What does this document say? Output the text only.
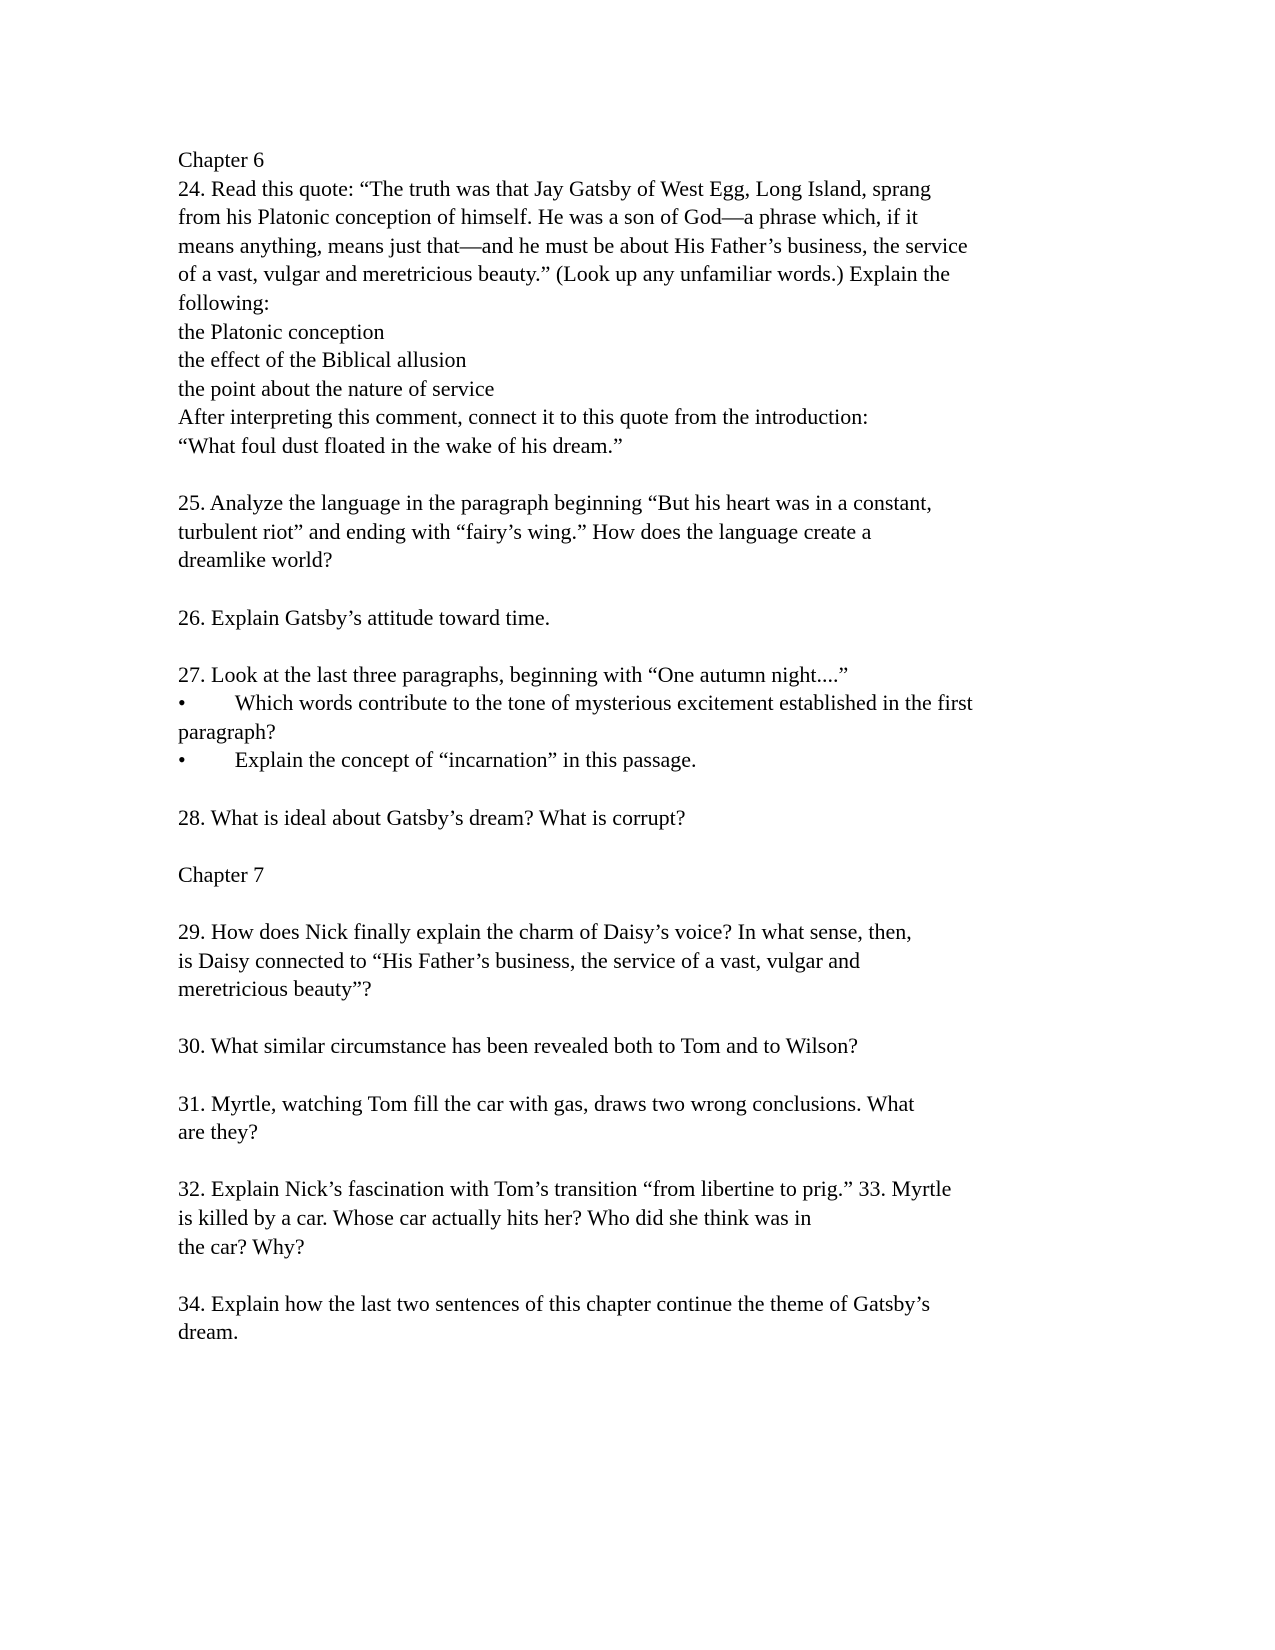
Chapter 6
24. Read this quote: “The truth was that Jay Gatsby of West Egg, Long Island, sprang
from his Platonic conception of himself. He was a son of God—a phrase which, if it
means anything, means just that—and he must be about His Father’s business, the service
of a vast, vulgar and meretricious beauty.” (Look up any unfamiliar words.) Explain the
following:
the Platonic conception
the effect of the Biblical allusion
the point about the nature of service
After interpreting this comment, connect it to this quote from the introduction:
“What foul dust floated in the wake of his dream.”

25. Analyze the language in the paragraph beginning “But his heart was in a constant,
turbulent riot” and ending with “fairy’s wing.” How does the language create a
dreamlike world?

26. Explain Gatsby’s attitude toward time.

27. Look at the last three paragraphs, beginning with “One autumn night....”
• Which words contribute to the tone of mysterious excitement established in the first
paragraph?
• Explain the concept of “incarnation” in this passage.

28. What is ideal about Gatsby’s dream? What is corrupt?

Chapter 7

29. How does Nick finally explain the charm of Daisy’s voice? In what sense, then,
is Daisy connected to “His Father’s business, the service of a vast, vulgar and
meretricious beauty”?

30. What similar circumstance has been revealed both to Tom and to Wilson?

31. Myrtle, watching Tom fill the car with gas, draws two wrong conclusions. What
are they?

32. Explain Nick’s fascination with Tom’s transition “from libertine to prig.” 33. Myrtle
is killed by a car. Whose car actually hits her? Who did she think was in
the car? Why?

34. Explain how the last two sentences of this chapter continue the theme of Gatsby’s
dream.
